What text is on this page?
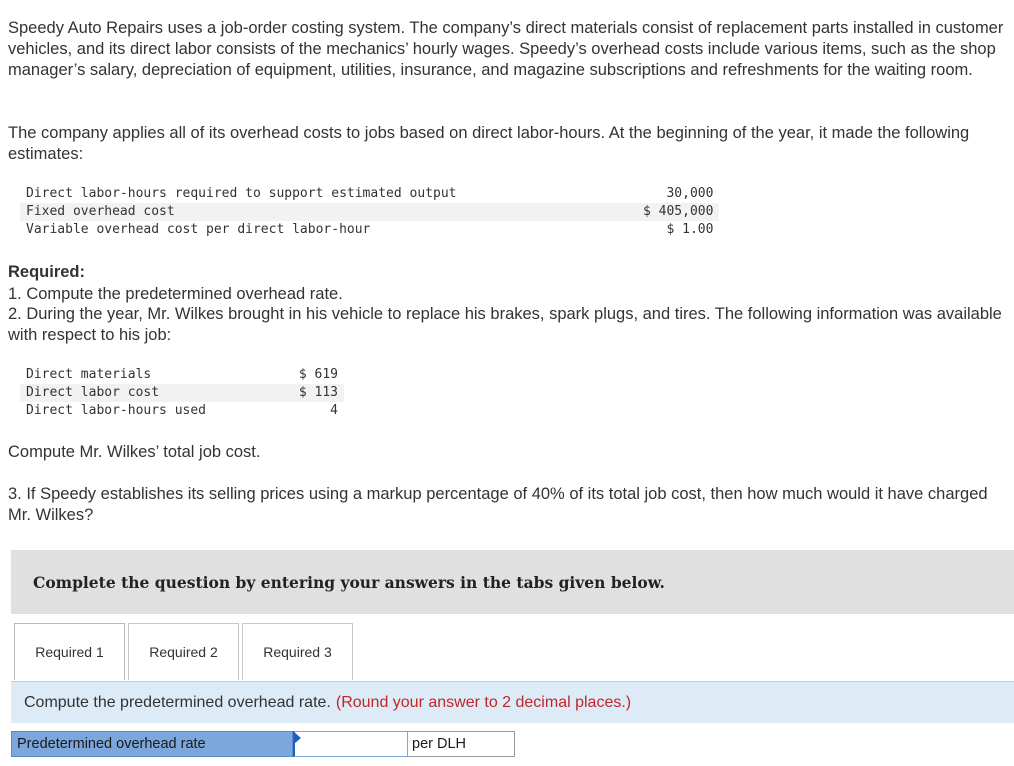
Speedy Auto Repairs uses a job-order costing system. The company’s direct materials consist of replacement parts installed in customer vehicles, and its direct labor consists of the mechanics’ hourly wages. Speedy’s overhead costs include various items, such as the shop manager’s salary, depreciation of equipment, utilities, insurance, and magazine subscriptions and refreshments for the waiting room.
The company applies all of its overhead costs to jobs based on direct labor-hours. At the beginning of the year, it made the following estimates:
Direct labor-hours required to support estimated output	30,000
Fixed overhead cost	$ 405,000
Variable overhead cost per direct labor-hour	$ 1.00
Required:
1. Compute the predetermined overhead rate.
2. During the year, Mr. Wilkes brought in his vehicle to replace his brakes, spark plugs, and tires. The following information was available with respect to his job:
Direct materials	$ 619
Direct labor cost	$ 113
Direct labor-hours used	4
Compute Mr. Wilkes’ total job cost.
3. If Speedy establishes its selling prices using a markup percentage of 40% of its total job cost, then how much would it have charged Mr. Wilkes?
Complete the question by entering your answers in the tabs given below.
Required 1	Required 2	Required 3
Compute the predetermined overhead rate. (Round your answer to 2 decimal places.)
Predetermined overhead rate	per DLH
